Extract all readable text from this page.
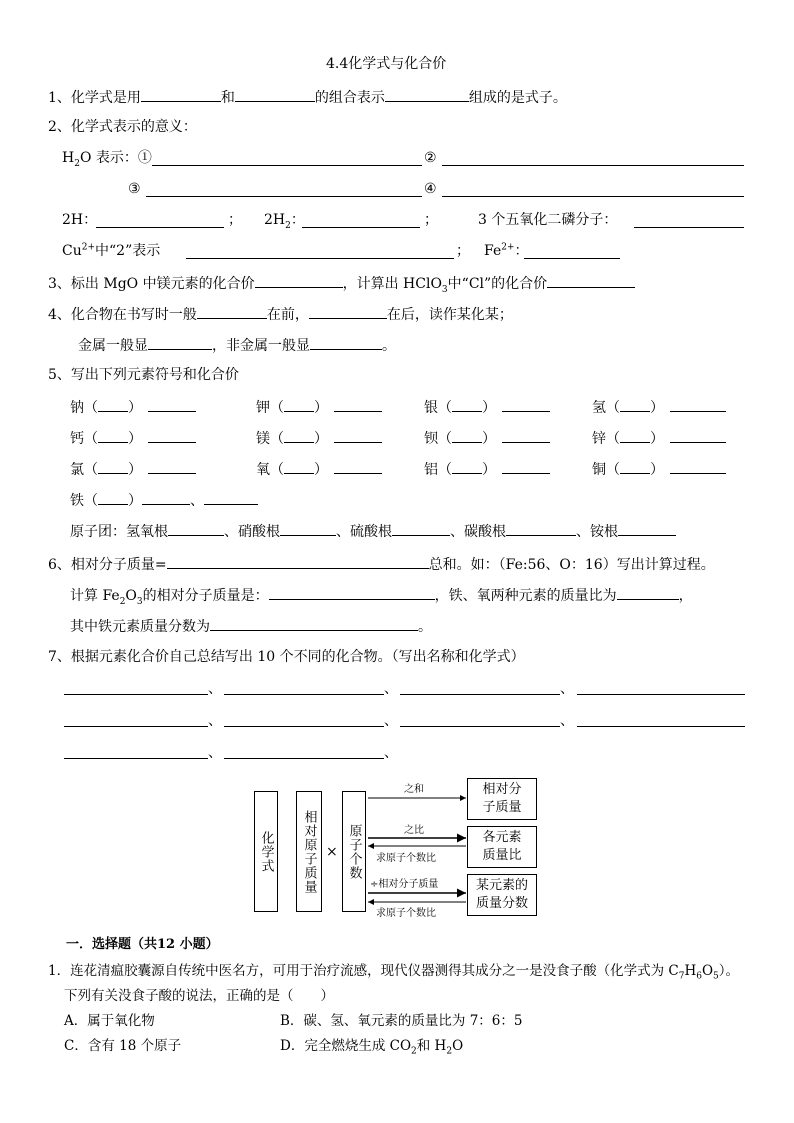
4.4化学式与化合价
1、化学式是用	和	的组合表示	组成的是式子。
2、化学式表示的意义：
$H_2O$ 表示：①	②
③	④
2H：	； $2H_2$：	；	3 个五氧化二磷分子：
$Cu^{2+}$中“2”表示	； $Fe^{2+}$：
3、标出 MgO 中镁元素的化合价	，计算出 HClO$_3$中“Cl”的化合价
4、化合物在书写时一般	在前，	在后，读作某化某；
金属一般显	，非金属一般显	。
5、写出下列元素符号和化合价
钠（ ）	钾（ ）	银（ ）	氢（ ）
钙（ ）	镁（ ）	钡（ ）	锌（ ）
氯（ ）	氧（ ）	铝（ ）	铜（ ）
铁（ ）	、
原子团：氢氧根	、硝酸根	、硫酸根	、碳酸根	、铵根
6、相对分子质量=	总和。如：（Fe:56、O：16）写出计算过程。
计算 $Fe_2O_3$的相对分子质量是：	，铁、氧两种元素的质量比为	，
其中铁元素质量分数为	。
7、根据元素化合价自己总结写出 10 个不同的化合物。（写出名称和化学式）
、	、	、
、	、	、
、	、
化学式 相对原子质量 × 原子个数
相对分
子质量
各元素
质量比
某元素的
质量分数
之和
之比
求原子个数比
÷相对分子质量
求原子个数比
一．选择题（共12 小题）
1．连花清瘟胶囊源自传统中医名方，可用于治疗流感，现代仪器测得其成分之一是没食子酸（化学式为 $C_7H_6O_5$）。
下列有关没食子酸的说法，正确的是（　　）
A．属于氧化物	B．碳、氢、氧元素的质量比为 7：6：5
C．含有 18 个原子	D．完全燃烧生成 $CO_2$和 $H_2O$
